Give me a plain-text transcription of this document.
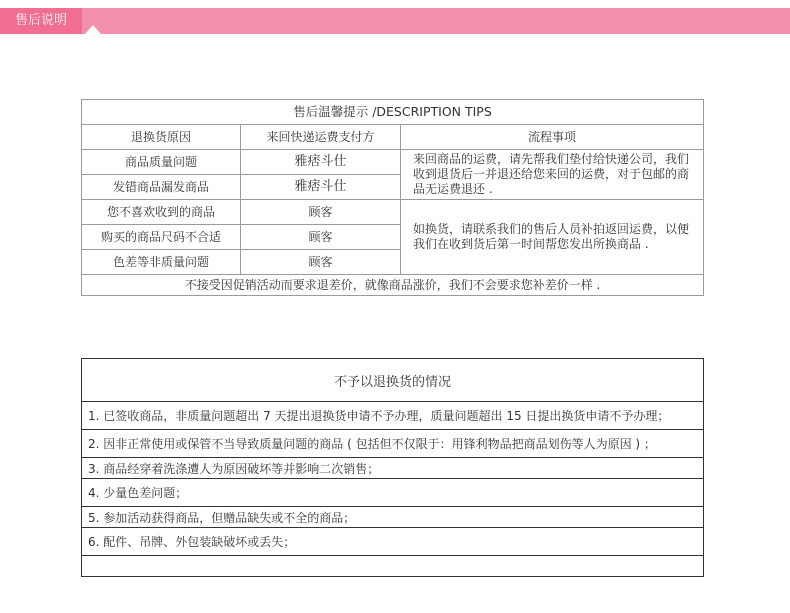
售后说明
售后温馨提示 /DESCRIPTION TIPS		
退换货原因	来回快递运费支付方	流程事项
商品质量问题	雅痞斗仕	来回商品的运费，请先帮我们垫付给快递公司，我们收到退货后一并退还给您来回的运费，对于包邮的商品无运费退还 .
发错商品漏发商品	雅痞斗仕	
您不喜欢收到的商品	顾客	如换货，请联系我们的售后人员补拍返回运费，以便我们在收到货后第一时间帮您发出所换商品 .
购买的商品尺码不合适	顾客	
色差等非质量问题	顾客	
不接受因促销活动而要求退差价，就像商品涨价，我们不会要求您补差价一样 .		
不予以退换货的情况
1. 已签收商品，非质量问题超出 7 天提出退换货申请不予办理，质量问题超出 15 日提出换货申请不予办理；
2. 因非正常使用或保管不当导致质量问题的商品 ( 包括但不仅限于：用锋利物品把商品划伤等人为原因 ) ；
3. 商品经穿着洗涤遭人为原因破坏等并影响二次销售；
4. 少量色差问题；
5. 参加活动获得商品，但赠品缺失或不全的商品；
6. 配件、吊牌、外包装缺破坏或丢失；
